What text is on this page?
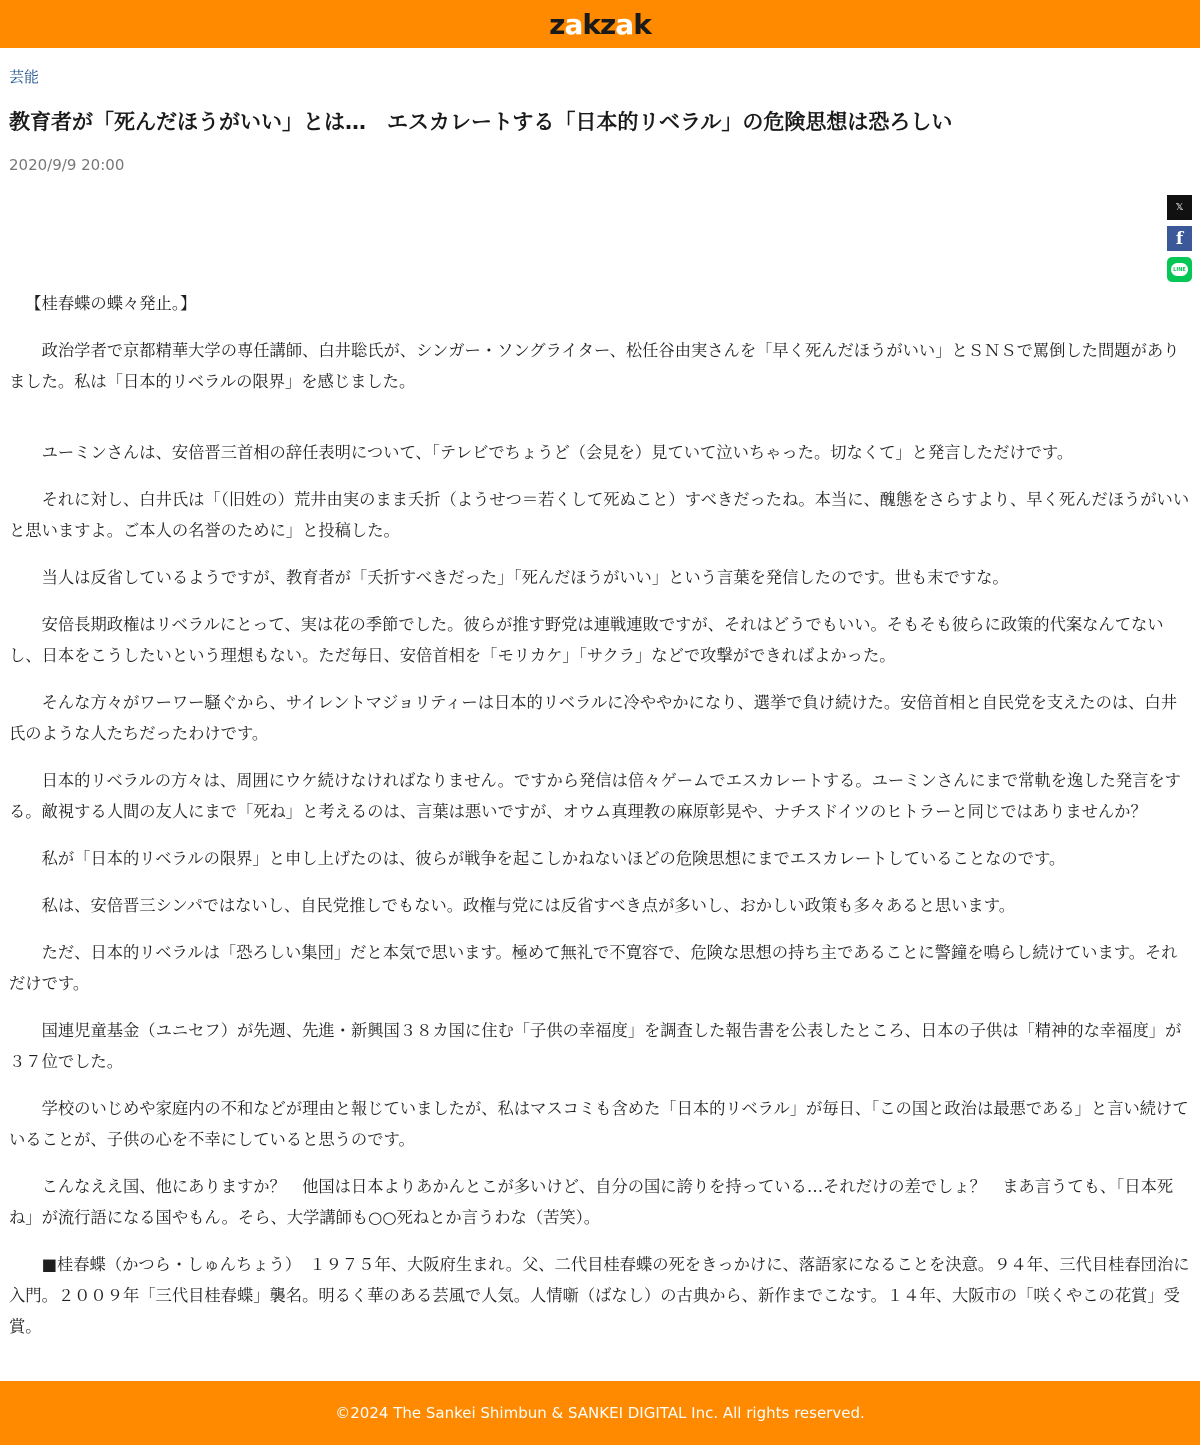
z a k z a k
芸能
教育者が「死んだほうがいい」とは…　エスカレートする「日本的リベラル」の危険思想は恐ろしい
2020/9/9 20:00
𝕏
f
LINE

【桂春蝶の蝶々発止。】

政治学者で京都精華大学の専任講師、白井聡氏が、シンガー・ソングライター、松任谷由実さんを「早く死んだほうがいい」とＳＮＳで罵倒した問題がありました。私は「日本的リベラルの限界」を感じました。

ユーミンさんは、安倍晋三首相の辞任表明について、「テレビでちょうど（会見を）見ていて泣いちゃった。切なくて」と発言しただけです。

それに対し、白井氏は「（旧姓の）荒井由実のまま夭折（ようせつ＝若くして死ぬこと）すべきだったね。本当に、醜態をさらすより、早く死んだほうがいいと思いますよ。ご本人の名誉のために」と投稿した。

当人は反省しているようですが、教育者が「夭折すべきだった」「死んだほうがいい」という言葉を発信したのです。世も末ですな。

安倍長期政権はリベラルにとって、実は花の季節でした。彼らが推す野党は連戦連敗ですが、それはどうでもいい。そもそも彼らに政策的代案なんてないし、日本をこうしたいという理想もない。ただ毎日、安倍首相を「モリカケ」「サクラ」などで攻撃ができればよかった。

そんな方々がワーワー騒ぐから、サイレントマジョリティーは日本的リベラルに冷ややかになり、選挙で負け続けた。安倍首相と自民党を支えたのは、白井氏のような人たちだったわけです。

日本的リベラルの方々は、周囲にウケ続けなければなりません。ですから発信は倍々ゲームでエスカレートする。ユーミンさんにまで常軌を逸した発言をする。敵視する人間の友人にまで「死ね」と考えるのは、言葉は悪いですが、オウム真理教の麻原彰晃や、ナチスドイツのヒトラーと同じではありませんか？

私が「日本的リベラルの限界」と申し上げたのは、彼らが戦争を起こしかねないほどの危険思想にまでエスカレートしていることなのです。

私は、安倍晋三シンパではないし、自民党推しでもない。政権与党には反省すべき点が多いし、おかしい政策も多々あると思います。

ただ、日本的リベラルは「恐ろしい集団」だと本気で思います。極めて無礼で不寛容で、危険な思想の持ち主であることに警鐘を鳴らし続けています。それだけです。

国連児童基金（ユニセフ）が先週、先進・新興国３８カ国に住む「子供の幸福度」を調査した報告書を公表したところ、日本の子供は「精神的な幸福度」が３７位でした。

学校のいじめや家庭内の不和などが理由と報じていましたが、私はマスコミも含めた「日本的リベラル」が毎日、「この国と政治は最悪である」と言い続けていることが、子供の心を不幸にしていると思うのです。

こんなええ国、他にありますか？　他国は日本よりあかんとこが多いけど、自分の国に誇りを持っている…それだけの差でしょ？　まあ言うても、「日本死ね」が流行語になる国やもん。そら、大学講師も○○死ねとか言うわな（苦笑）。

■桂春蝶（かつら・しゅんちょう）　１９７５年、大阪府生まれ。父、二代目桂春蝶の死をきっかけに、落語家になることを決意。９４年、三代目桂春団治に入門。２００９年「三代目桂春蝶」襲名。明るく華のある芸風で人気。人情噺（ばなし）の古典から、新作までこなす。１４年、大阪市の「咲くやこの花賞」受賞。

©2024 The Sankei Shimbun & SANKEI DIGITAL Inc. All rights reserved.
